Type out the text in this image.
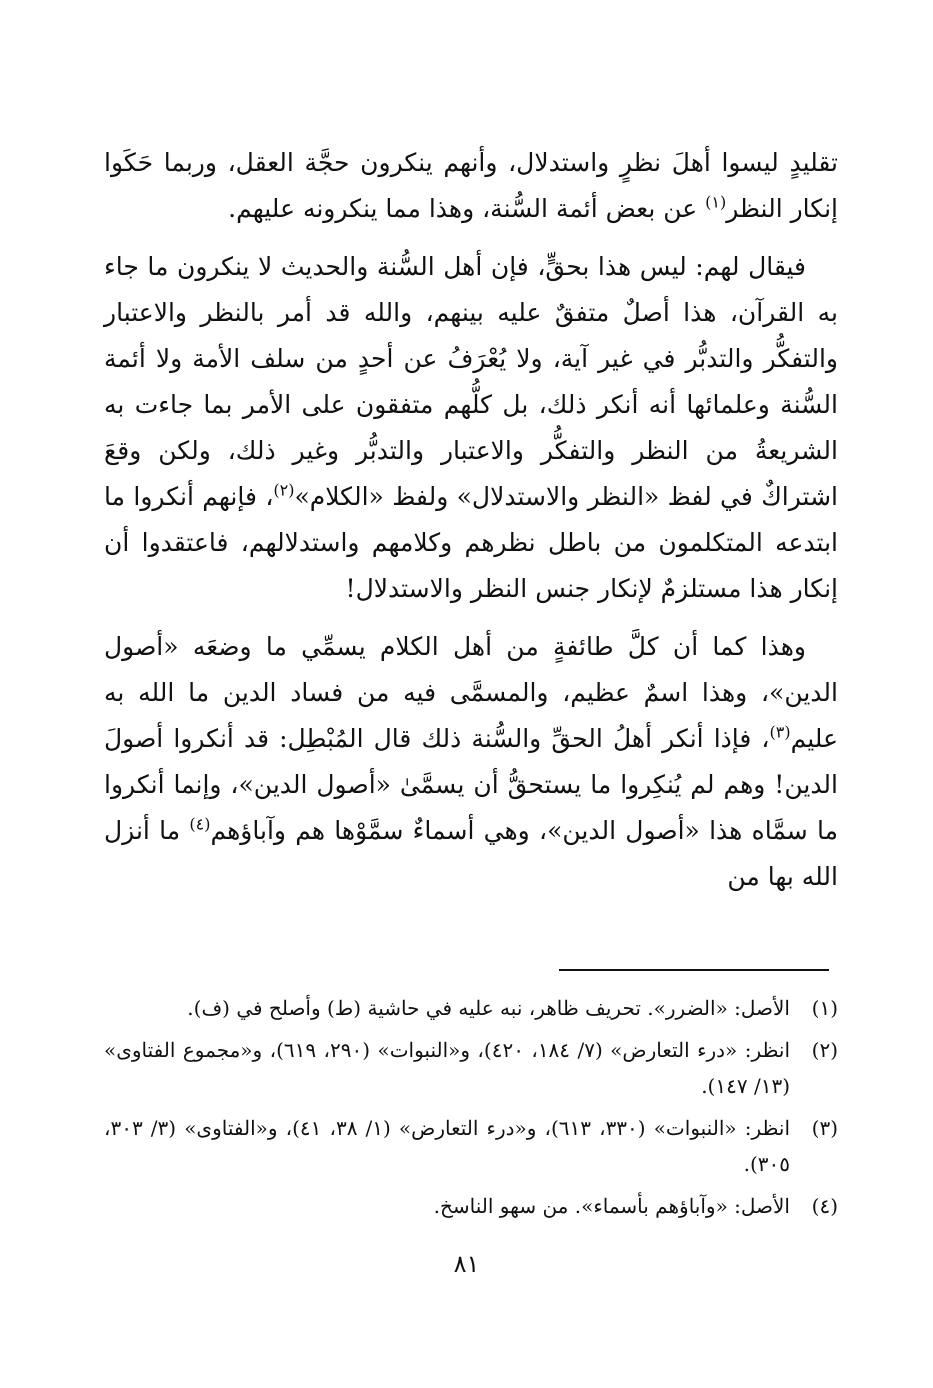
تقليدٍ ليسوا أهلَ نظرٍ واستدلال، وأنهم ينكرون حجَّة العقل، وربما حَكَوا إنكار النظر$^{(١)}$ عن بعض أئمة السُّنة، وهذا مما ينكرونه عليهم.

فيقال لهم: ليس هذا بحقٍّ، فإن أهل السُّنة والحديث لا ينكرون ما جاء به القرآن، هذا أصلٌ متفقٌ عليه بينهم، والله قد أمر بالنظر والاعتبار والتفكُّر والتدبُّر في غير آية، ولا يُعْرَفُ عن أحدٍ من سلف الأمة ولا أئمة السُّنة وعلمائها أنه أنكر ذلك، بل كلُّهم متفقون على الأمر بما جاءت به الشريعةُ من النظر والتفكُّر والاعتبار والتدبُّر وغير ذلك، ولكن وقعَ اشتراكٌ في لفظ «النظر والاستدلال» ولفظ «الكلام»$^{(٢)}$، فإنهم أنكروا ما ابتدعه المتكلمون من باطل نظرهم وكلامهم واستدلالهم، فاعتقدوا أن إنكار هذا مستلزمٌ لإنكار جنس النظر والاستدلال!

وهذا كما أن كلَّ طائفةٍ من أهل الكلام يسمِّي ما وضعَه «أصول الدين»، وهذا اسمٌ عظيم، والمسمَّى فيه من فساد الدين ما الله به عليم$^{(٣)}$، فإذا أنكر أهلُ الحقِّ والسُّنة ذلك قال المُبْطِل: قد أنكروا أصولَ الدين! وهم لم يُنكِروا ما يستحقُّ أن يسمَّىٰ «أصول الدين»، وإنما أنكروا ما سمَّاه هذا «أصول الدين»، وهي أسماءٌ سمَّوْها هم وآباؤهم$^{(٤)}$ ما أنزل الله بها من

(١)
الأصل: «الضرر». تحريف ظاهر، نبه عليه في حاشية (ط) وأصلح في (ف).
(٢)
انظر: «درء التعارض» (٧/ ١٨٤، ٤٢٠)، و«النبوات» (٢٩٠، ٦١٩)، و«مجموع الفتاوى» (١٣/ ١٤٧).
(٣)
انظر: «النبوات» (٣٣٠، ٦١٣)، و«درء التعارض» (١/ ٣٨، ٤١)، و«الفتاوى» (٣/ ٣٠٣، ٣٠٥).
(٤)
الأصل: «وآباؤهم بأسماء». من سهو الناسخ.
٨١
